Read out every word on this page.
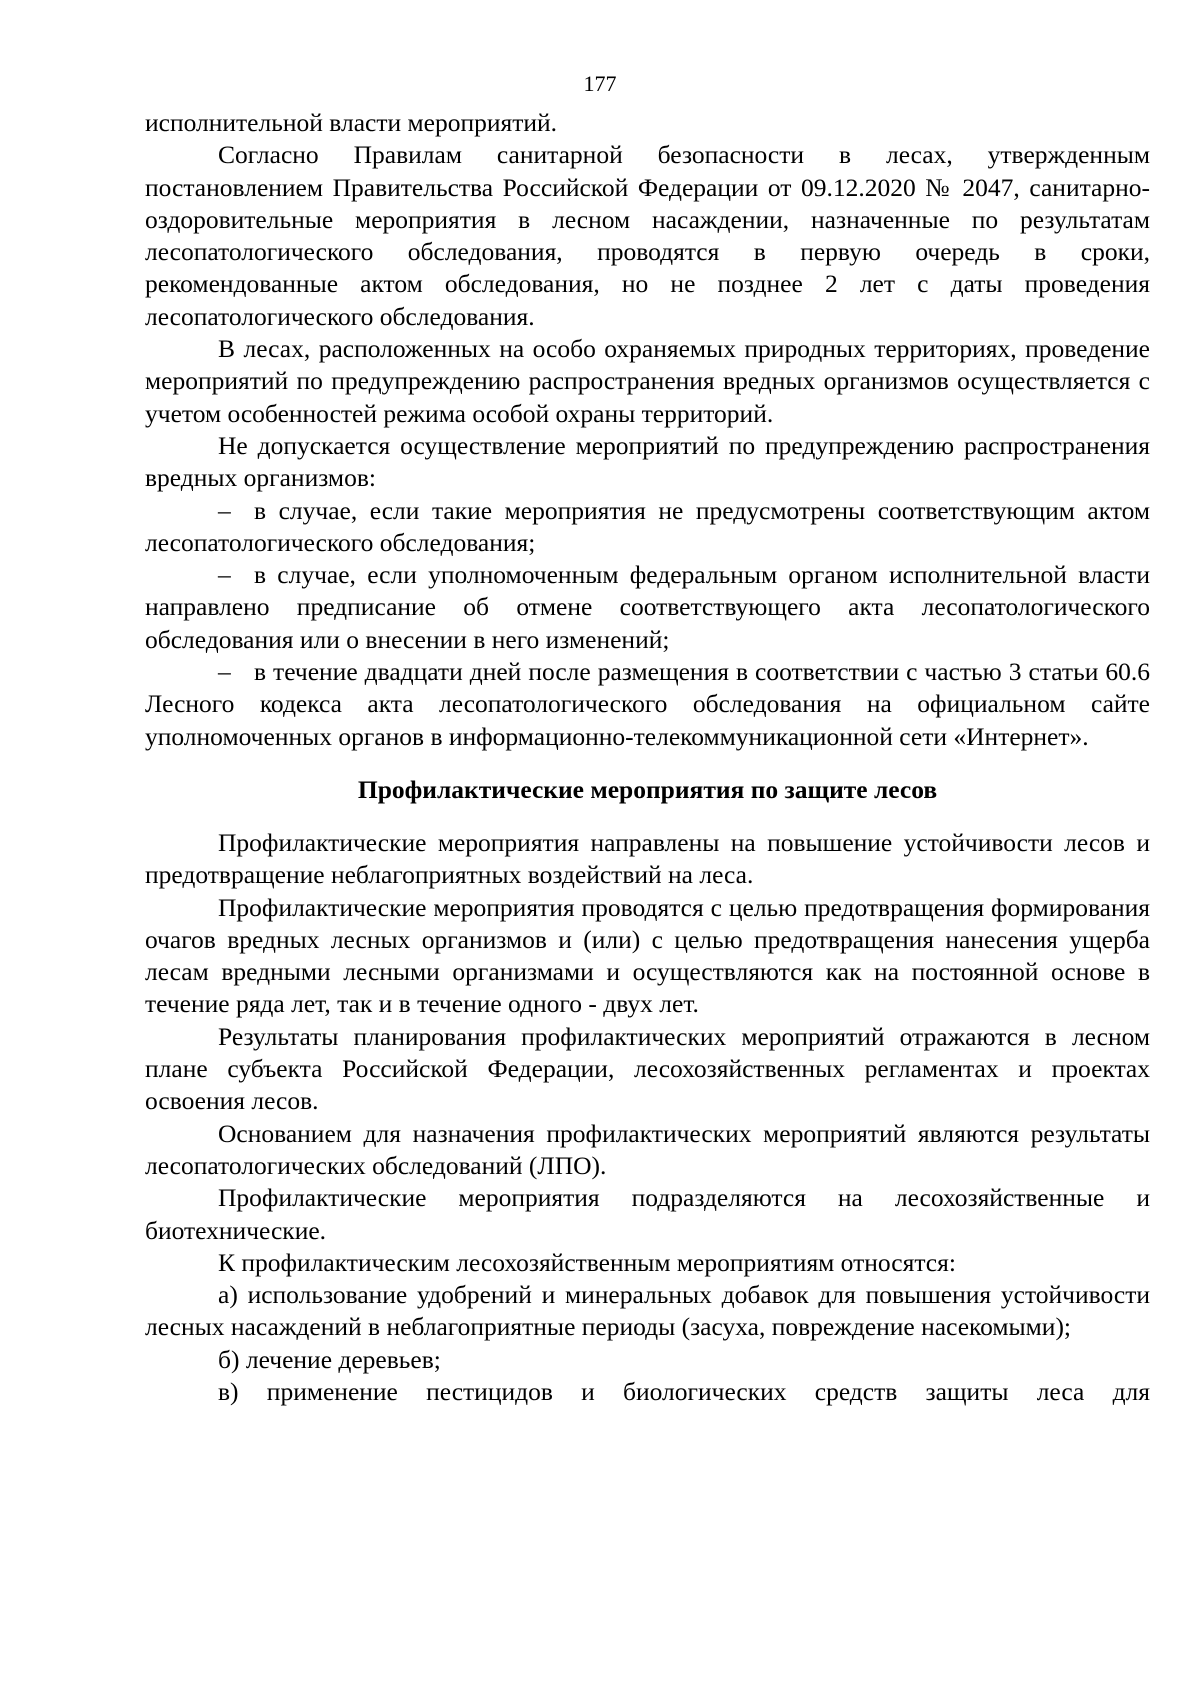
177

исполнительной власти мероприятий.

Согласно Правилам санитарной безопасности в лесах, утвержденным постановлением Правительства Российской Федерации от 09.12.2020 № 2047, санитарно-оздоровительные мероприятия в лесном насаждении, назначенные по результатам лесопатологического обследования, проводятся в первую очередь в сроки, рекомендованные актом обследования, но не позднее 2 лет с даты проведения лесопатологического обследования.

В лесах, расположенных на особо охраняемых природных территориях, проведение мероприятий по предупреждению распространения вредных организмов осуществляется с учетом особенностей режима особой охраны территорий.

Не допускается осуществление мероприятий по предупреждению распространения вредных организмов:

– в случае, если такие мероприятия не предусмотрены соответствующим актом лесопатологического обследования;

– в случае, если уполномоченным федеральным органом исполнительной власти направлено предписание об отмене соответствующего акта лесопатологического обследования или о внесении в него изменений;

– в течение двадцати дней после размещения в соответствии с частью 3 статьи 60.6 Лесного кодекса акта лесопатологического обследования на официальном сайте уполномоченных органов в информационно-телекоммуникационной сети «Интернет».

Профилактические мероприятия по защите лесов

Профилактические мероприятия направлены на повышение устойчивости лесов и предотвращение неблагоприятных воздействий на леса.

Профилактические мероприятия проводятся с целью предотвращения формирования очагов вредных лесных организмов и (или) с целью предотвращения нанесения ущерба лесам вредными лесными организмами и осуществляются как на постоянной основе в течение ряда лет, так и в течение одного - двух лет.

Результаты планирования профилактических мероприятий отражаются в лесном плане субъекта Российской Федерации, лесохозяйственных регламентах и проектах освоения лесов.

Основанием для назначения профилактических мероприятий являются результаты лесопатологических обследований (ЛПО).

Профилактические мероприятия подразделяются на лесохозяйственные и биотехнические.

К профилактическим лесохозяйственным мероприятиям относятся:

а) использование удобрений и минеральных добавок для повышения устойчивости лесных насаждений в неблагоприятные периоды (засуха, повреждение насекомыми);

б) лечение деревьев;

в) применение пестицидов и биологических средств защиты леса для
